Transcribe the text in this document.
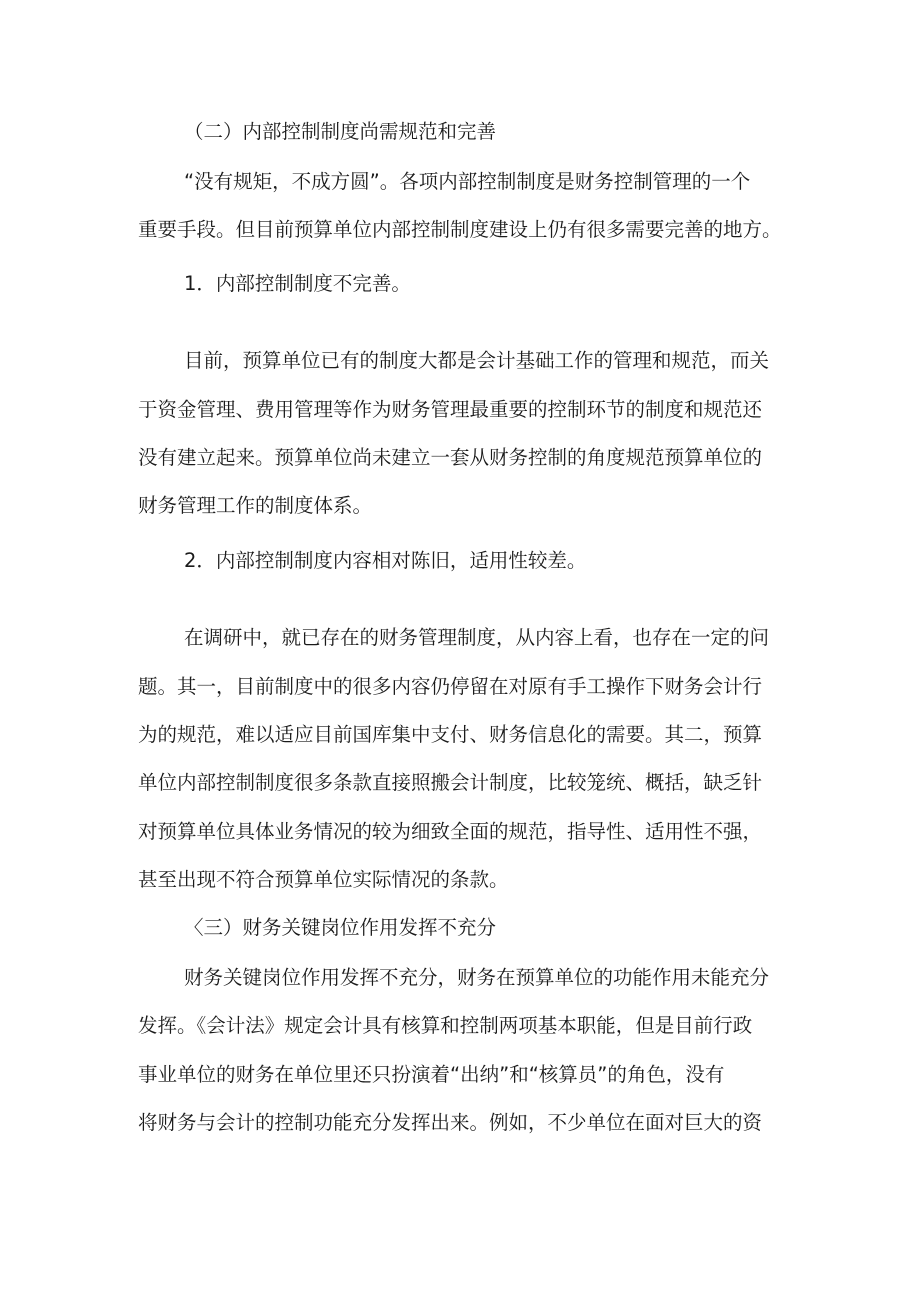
（二）内部控制制度尚需规范和完善
“没有规矩，不成方圆”。各项内部控制制度是财务控制管理的一个
重要手段。但目前预算单位内部控制制度建设上仍有很多需要完善的地方。
1．内部控制制度不完善。
目前，预算单位已有的制度大都是会计基础工作的管理和规范，而关
于资金管理、费用管理等作为财务管理最重要的控制环节的制度和规范还
没有建立起来。预算单位尚未建立一套从财务控制的角度规范预算单位的
财务管理工作的制度体系。
2．内部控制制度内容相对陈旧，适用性较差。
在调研中，就已存在的财务管理制度，从内容上看，也存在一定的问
题。其一，目前制度中的很多内容仍停留在对原有手工操作下财务会计行
为的规范，难以适应目前国库集中支付、财务信息化的需要。其二，预算
单位内部控制制度很多条款直接照搬会计制度，比较笼统、概括，缺乏针
对预算单位具体业务情况的较为细致全面的规范，指导性、适用性不强，
甚至出现不符合预算单位实际情况的条款。
〈三）财务关键岗位作用发挥不充分
财务关键岗位作用发挥不充分，财务在预算单位的功能作用未能充分
发挥。《会计法》规定会计具有核算和控制两项基本职能，但是目前行政
事业单位的财务在单位里还只扮演着“出纳”和“核算员”的角色，没有
将财务与会计的控制功能充分发挥出来。例如，不少单位在面对巨大的资
